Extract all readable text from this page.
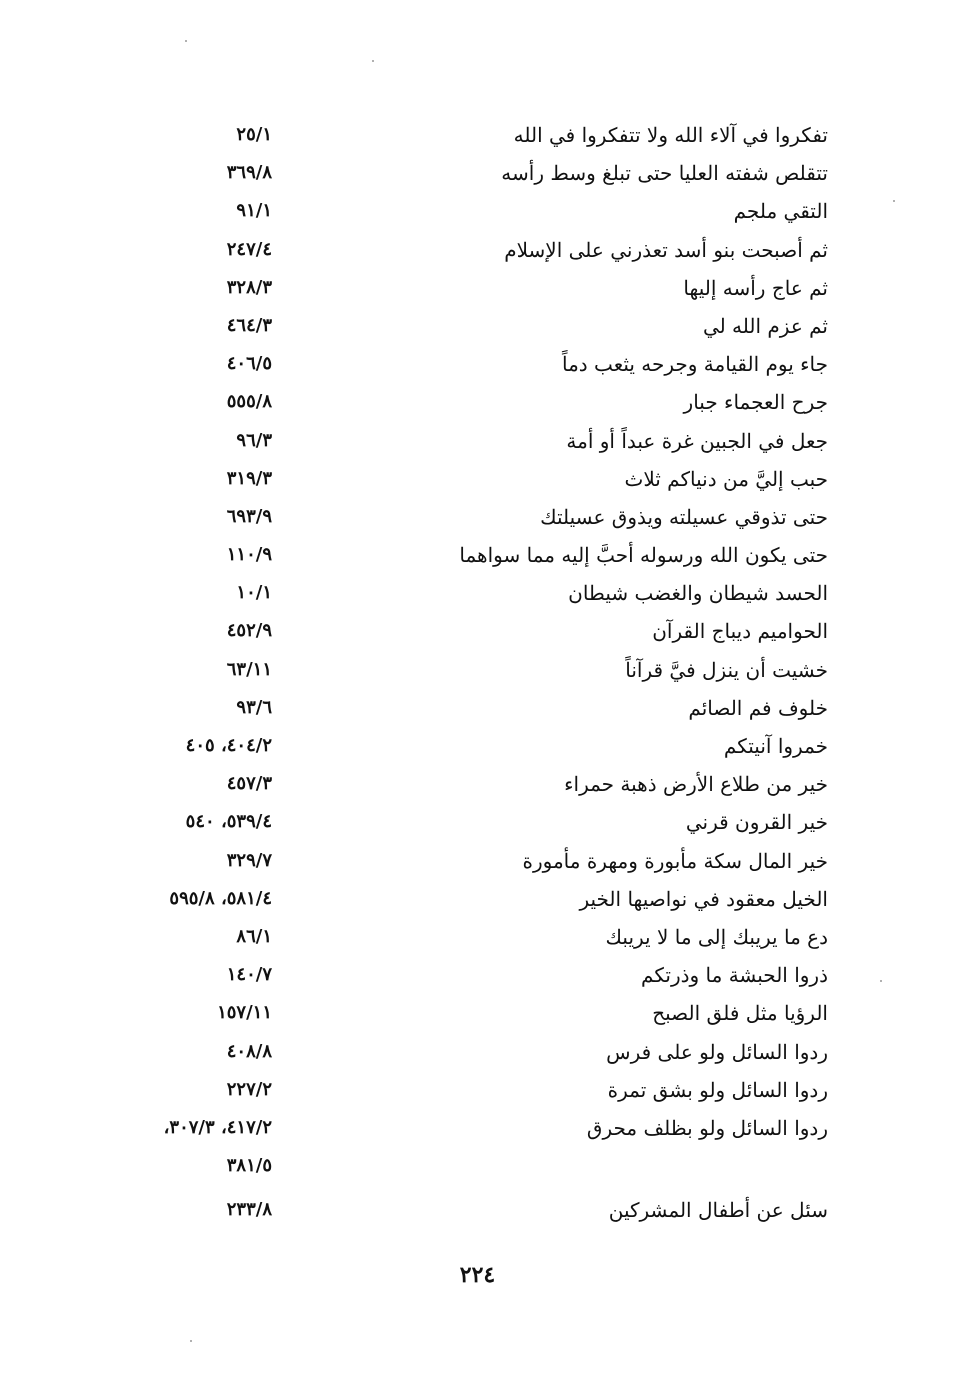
تفكروا في آلاء الله ولا تتفكروا في الله
٢٥/١
تتقلص شفته العليا حتى تبلغ وسط رأسه
٣٦٩/٨
التقي ملجم
٩١/١
ثم أصبحت بنو أسد تعذرني على الإسلام
٢٤٧/٤
ثم عاج رأسه إليها
٣٢٨/٣
ثم عزم الله لي
٤٦٤/٣
جاء يوم القيامة وجرحه يثعب دماً
٤٠٦/٥
جرح العجماء جبار
٥٥٥/٨
جعل في الجبين غرة عبداً أو أمة
٩٦/٣
حبب إليَّ من دنياكم ثلاث
٣١٩/٣
حتى تذوقي عسيلته ويذوق عسيلتك
٦٩٣/٩
حتى يكون الله ورسوله أحبَّ إليه مما سواهما
١١٠/٩
الحسد شيطان والغضب شيطان
١٠/١
الحواميم ديباج القرآن
٤٥٢/٩
خشيت أن ينزل فيَّ قرآناً
٦٣/١١
خلوف فم الصائم
٩٣/٦
خمروا آنيتكم
٤٠٤/٢، ٤٠٥
خير من طلاع الأرض ذهبة حمراء
٤٥٧/٣
خير القرون قرني
٥٣٩/٤، ٥٤٠
خير المال سكة مأبورة ومهرة مأمورة
٣٢٩/٧
الخيل معقود في نواصيها الخير
٥٨١/٤، ٥٩٥/٨
دع ما يريبك إلى ما لا يريبك
٨٦/١
ذروا الحبشة ما وذرتكم
١٤٠/٧
الرؤيا مثل فلق الصبح
١٥٧/١١
ردوا السائل ولو على فرس
٤٠٨/٨
ردوا السائل ولو بشق تمرة
٢٢٧/٢
ردوا السائل ولو بظلف محرق
٤١٧/٢، ٣٠٧/٣،
٣٨١/٥
سئل عن أطفال المشركين
٢٣٣/٨
٢٢٤
